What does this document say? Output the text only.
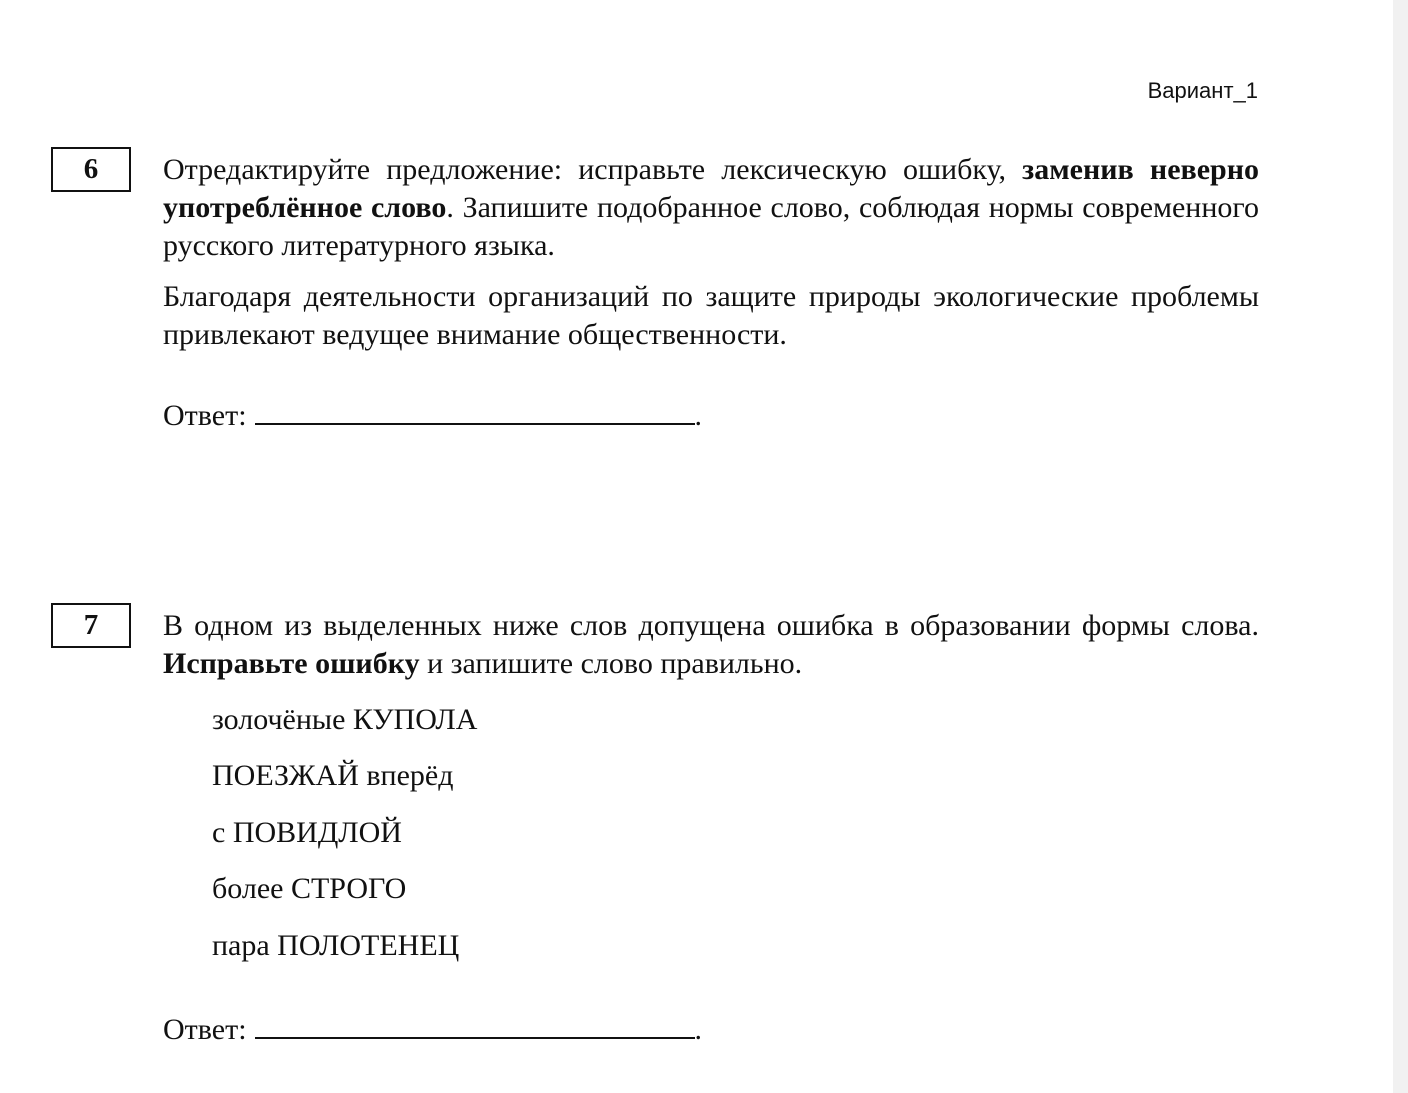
Вариант_1
6 Отредактируйте предложение: исправьте лексическую ошибку, заменив неверно употреблённое слово. Запишите подобранное слово, соблюдая нормы современного русского литературного языка.

Благодаря деятельности организаций по защите природы экологические проблемы привлекают ведущее внимание общественности.

Ответ:	.
7 В одном из выделенных ниже слов допущена ошибка в образовании формы слова. Исправьте ошибку и запишите слово правильно.

золочёные КУПОЛА
ПОЕЗЖАЙ вперёд
с ПОВИДЛОЙ
более СТРОГО
пара ПОЛОТЕНЕЦ
Ответ:	.
